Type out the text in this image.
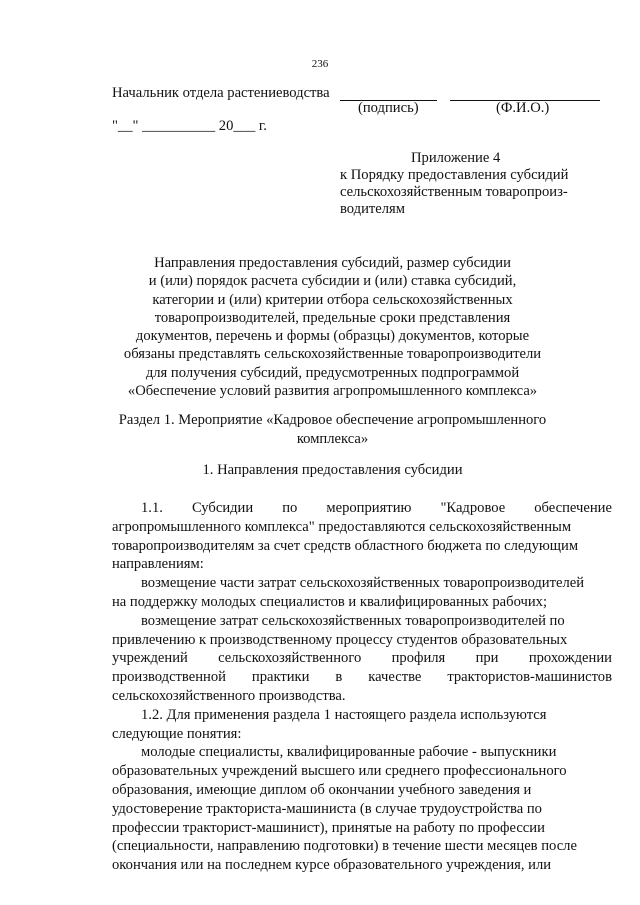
236
Начальник отдела растениеводства
(подпись)	(Ф.И.О.)
"__" __________ 20___ г.
Приложение 4
к Порядку предоставления субсидий
сельскохозяйственным товаропроиз-
водителям
Направления предоставления субсидий, размер субсидии
и (или) порядок расчета субсидии и (или) ставка субсидий,
категории и (или) критерии отбора сельскохозяйственных
товаропроизводителей, предельные сроки представления
документов, перечень и формы (образцы) документов, которые
обязаны представлять сельскохозяйственные товаропроизводители
для получения субсидий, предусмотренных подпрограммой
«Обеспечение условий развития агропромышленного комплекса»
Раздел 1. Мероприятие «Кадровое обеспечение агропромышленного
комплекса»
1. Направления предоставления субсидии
1.1. Субсидии по мероприятию "Кадровое обеспечение
агропромышленного комплекса" предоставляются сельскохозяйственным
товаропроизводителям за счет средств областного бюджета по следующим
направлениям:
возмещение части затрат сельскохозяйственных товаропроизводителей
на поддержку молодых специалистов и квалифицированных рабочих;
возмещение затрат сельскохозяйственных товаропроизводителей по
привлечению к производственному процессу студентов образовательных
учреждений сельскохозяйственного профиля при прохождении
производственной практики в качестве трактористов-машинистов
сельскохозяйственного производства.
1.2. Для применения раздела 1 настоящего раздела используются
следующие понятия:
молодые специалисты, квалифицированные рабочие - выпускники
образовательных учреждений высшего или среднего профессионального
образования, имеющие диплом об окончании учебного заведения и
удостоверение тракториста-машиниста (в случае трудоустройства по
профессии тракторист-машинист), принятые на работу по профессии
(специальности, направлению подготовки) в течение шести месяцев после
окончания или на последнем курсе образовательного учреждения, или
